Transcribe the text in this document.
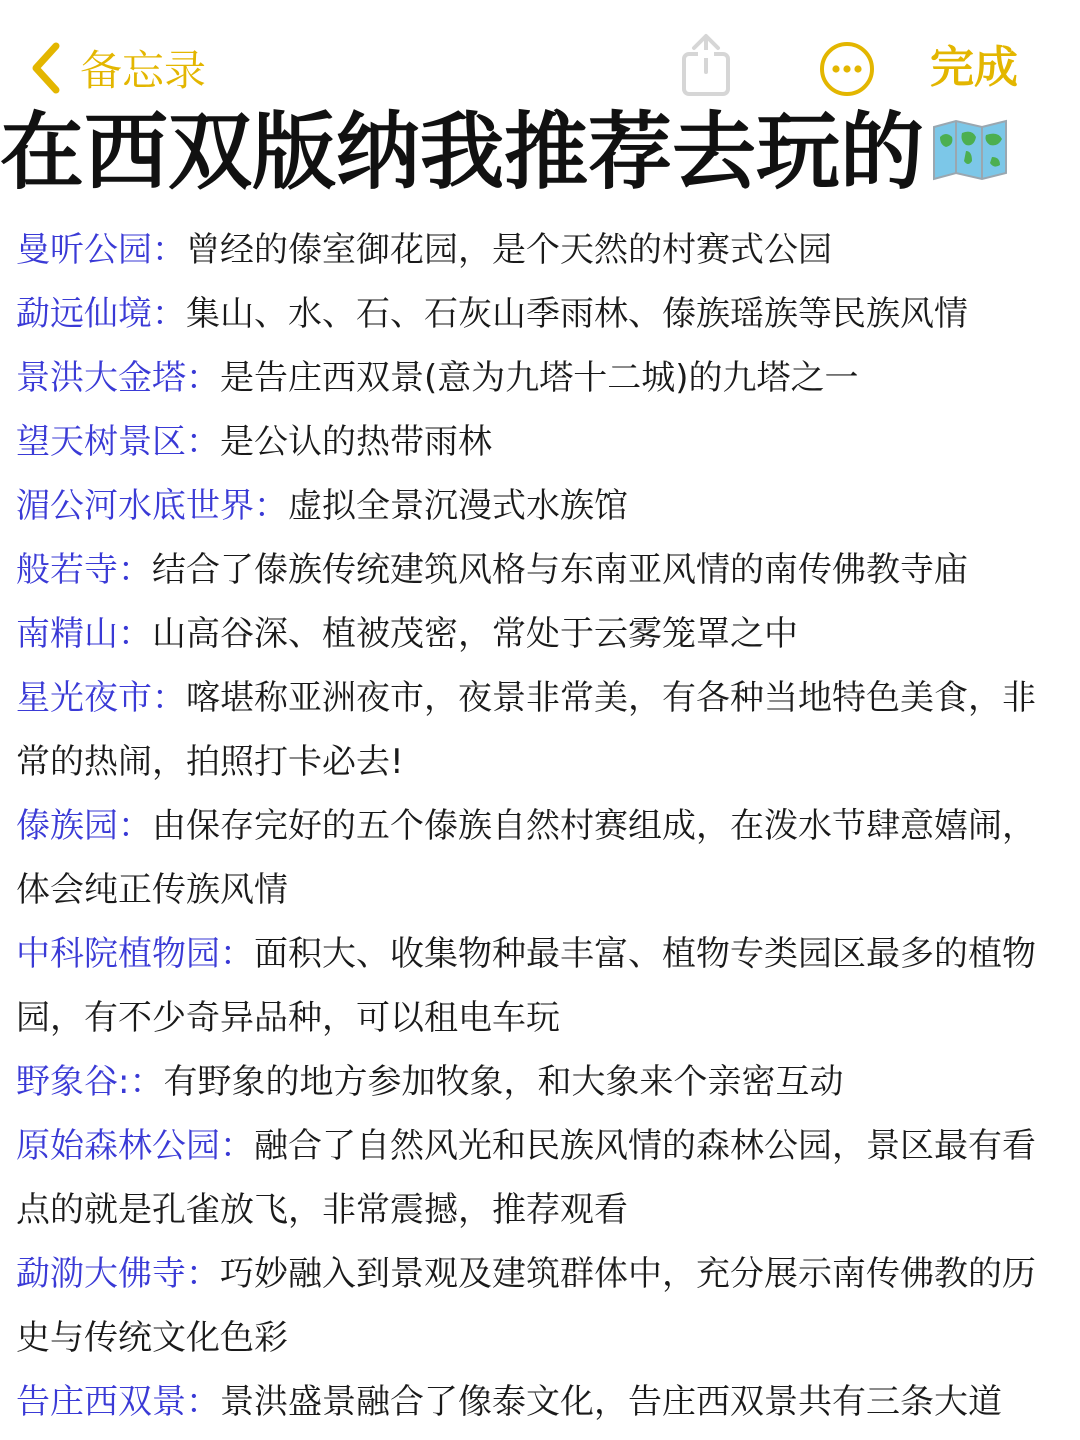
备忘录	完成
在西双版纳我推荐去玩的
曼听公园：曾经的傣室御花园，是个天然的村赛式公园
勐远仙境：集山、水、石、石灰山季雨林、傣族瑶族等民族风情
景洪大金塔：是告庄西双景(意为九塔十二城)的九塔之一
望天树景区：是公认的热带雨林
湄公河水底世界：虚拟全景沉漫式水族馆
般若寺：结合了傣族传统建筑风格与东南亚风情的南传佛教寺庙
南精山：山高谷深、植被茂密，常处于云雾笼罩之中
星光夜市：喀堪称亚洲夜市，夜景非常美，有各种当地特色美食，非常的热闹，拍照打卡必去!
傣族园：由保存完好的五个傣族自然村赛组成，在泼水节肆意嬉闹，体会纯正传族风情
中科院植物园：面积大、收集物种最丰富、植物专类园区最多的植物园，有不少奇异品种，可以租电车玩
野象谷:：有野象的地方参加牧象，和大象来个亲密互动
原始森林公园：融合了自然风光和民族风情的森林公园，景区最有看点的就是孔雀放飞，非常震撼，推荐观看
勐泐大佛寺：巧妙融入到景观及建筑群体中，充分展示南传佛教的历史与传统文化色彩
告庄西双景：景洪盛景融合了像泰文化，告庄西双景共有三条大道
